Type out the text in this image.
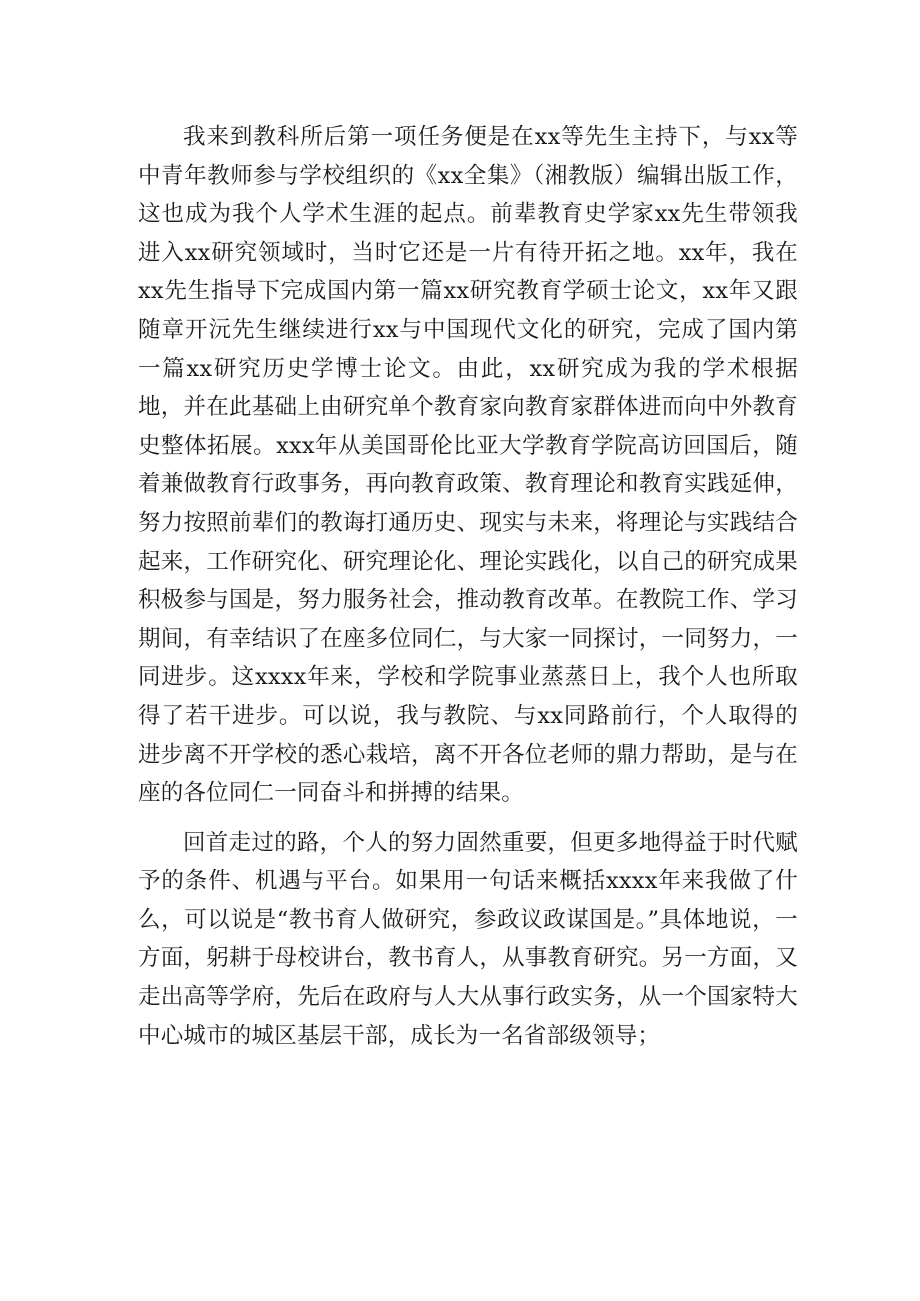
我来到教科所后第一项任务便是在xx等先生主持下，与xx等中青年教师参与学校组织的《xx全集》（湘教版）编辑出版工作，这也成为我个人学术生涯的起点。前辈教育史学家xx先生带领我进入xx研究领域时，当时它还是一片有待开拓之地。xx年，我在xx先生指导下完成国内第一篇xx研究教育学硕士论文，xx年又跟随章开沅先生继续进行xx与中国现代文化的研究，完成了国内第一篇xx研究历史学博士论文。由此，xx研究成为我的学术根据地，并在此基础上由研究单个教育家向教育家群体进而向中外教育史整体拓展。xxx年从美国哥伦比亚大学教育学院高访回国后，随着兼做教育行政事务，再向教育政策、教育理论和教育实践延伸，努力按照前辈们的教诲打通历史、现实与未来，将理论与实践结合起来，工作研究化、研究理论化、理论实践化，以自己的研究成果积极参与国是，努力服务社会，推动教育改革。在教院工作、学习期间，有幸结识了在座多位同仁，与大家一同探讨，一同努力，一同进步。这xxxx年来，学校和学院事业蒸蒸日上，我个人也所取得了若干进步。可以说，我与教院、与xx同路前行，个人取得的进步离不开学校的悉心栽培，离不开各位老师的鼎力帮助，是与在座的各位同仁一同奋斗和拼搏的结果。

回首走过的路，个人的努力固然重要，但更多地得益于时代赋予的条件、机遇与平台。如果用一句话来概括xxxx年来我做了什么，可以说是“教书育人做研究，参政议政谋国是。”具体地说，一方面，躬耕于母校讲台，教书育人，从事教育研究。另一方面，又走出高等学府，先后在政府与人大从事行政实务，从一个国家特大中心城市的城区基层干部，成长为一名省部级领导；
